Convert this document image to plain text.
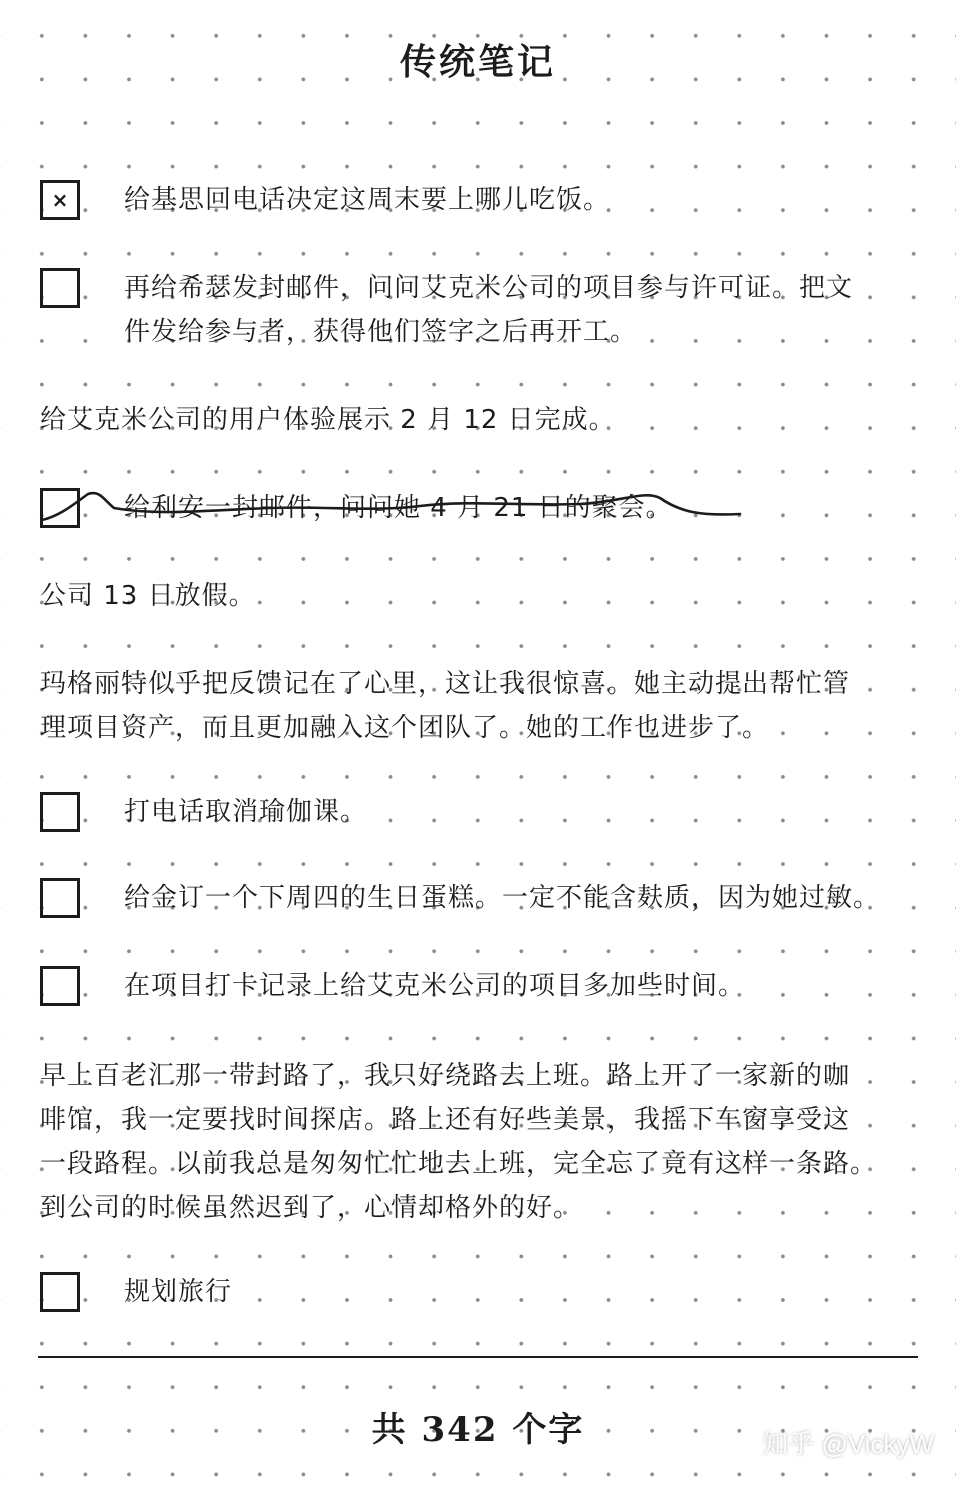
传统笔记
×	给基思回电话决定这周末要上哪儿吃饭。
再给希瑟发封邮件，问问艾克米公司的项目参与许可证。把文
件发给参与者，获得他们签字之后再开工。
给艾克米公司的用户体验展示 2 月 12 日完成。
给利安一封邮件，问问她 4 月 21 日的聚会。
公司 13 日放假。
玛格丽特似乎把反馈记在了心里，这让我很惊喜。她主动提出帮忙管
理项目资产，而且更加融入这个团队了。她的工作也进步了。
打电话取消瑜伽课。
给金订一个下周四的生日蛋糕。一定不能含麸质，因为她过敏。
在项目打卡记录上给艾克米公司的项目多加些时间。
早上百老汇那一带封路了，我只好绕路去上班。路上开了一家新的咖
啡馆，我一定要找时间探店。路上还有好些美景，我摇下车窗享受这
一段路程。以前我总是匆匆忙忙地去上班，完全忘了竟有这样一条路。
到公司的时候虽然迟到了，心情却格外的好。
规划旅行
共 342 个字	知乎 @VickyW
